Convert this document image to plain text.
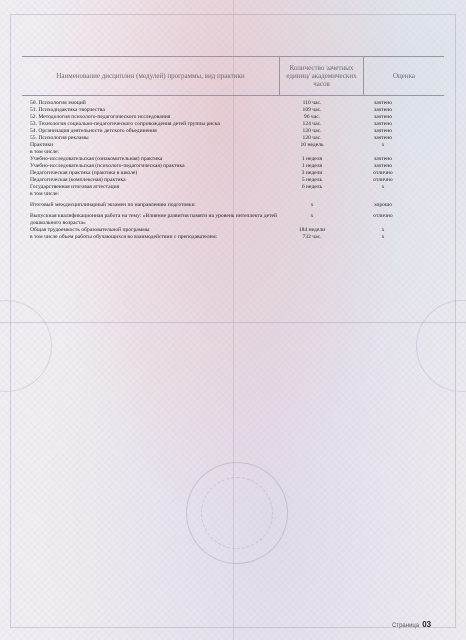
Наименование дисциплин (модулей) программы, вид практики
Количество зачетных единиц/ академических часов
Оценка
50. Психология эмоций	110 час.	зачтено
51. Психодидактика творчества	109 час.	зачтено
52. Методология психолого-педагогического исследования	96 час.	зачтено
53. Технология социально-педагогического сопровождения детей группы риска	124 час.	зачтено
54. Организация деятельности детского объединения	120 час.	зачтено
55. Психология рекламы	120 час.	зачтено
Практики	10 недель	х
в том числе:
Учебно-исследовательская (ознакомительная) практика	1 неделя	зачтено
Учебно-исследовательская (психолого-педагогическая) практика	1 неделя	зачтено
Педагогическая практика (практика в школе)	3 недели	отлично
Педагогическая (комплексная) практика	5 недель	отлично
Государственная итоговая аттестация	6 недель	х
в том числе:
Итоговый междисциплинарный экзамен по направлению подготовки	х	хорошо
Выпускная квалификационная работа на тему: «Влияние развития памяти на уровень интеллекта детей дошкольного возраста»
х	отлично
Общая трудоемкость образовательной программы	184 недели	х
в том числе объем работы обучающихся во взаимодействии с преподавателем:	732 час.	х
Страница 03
